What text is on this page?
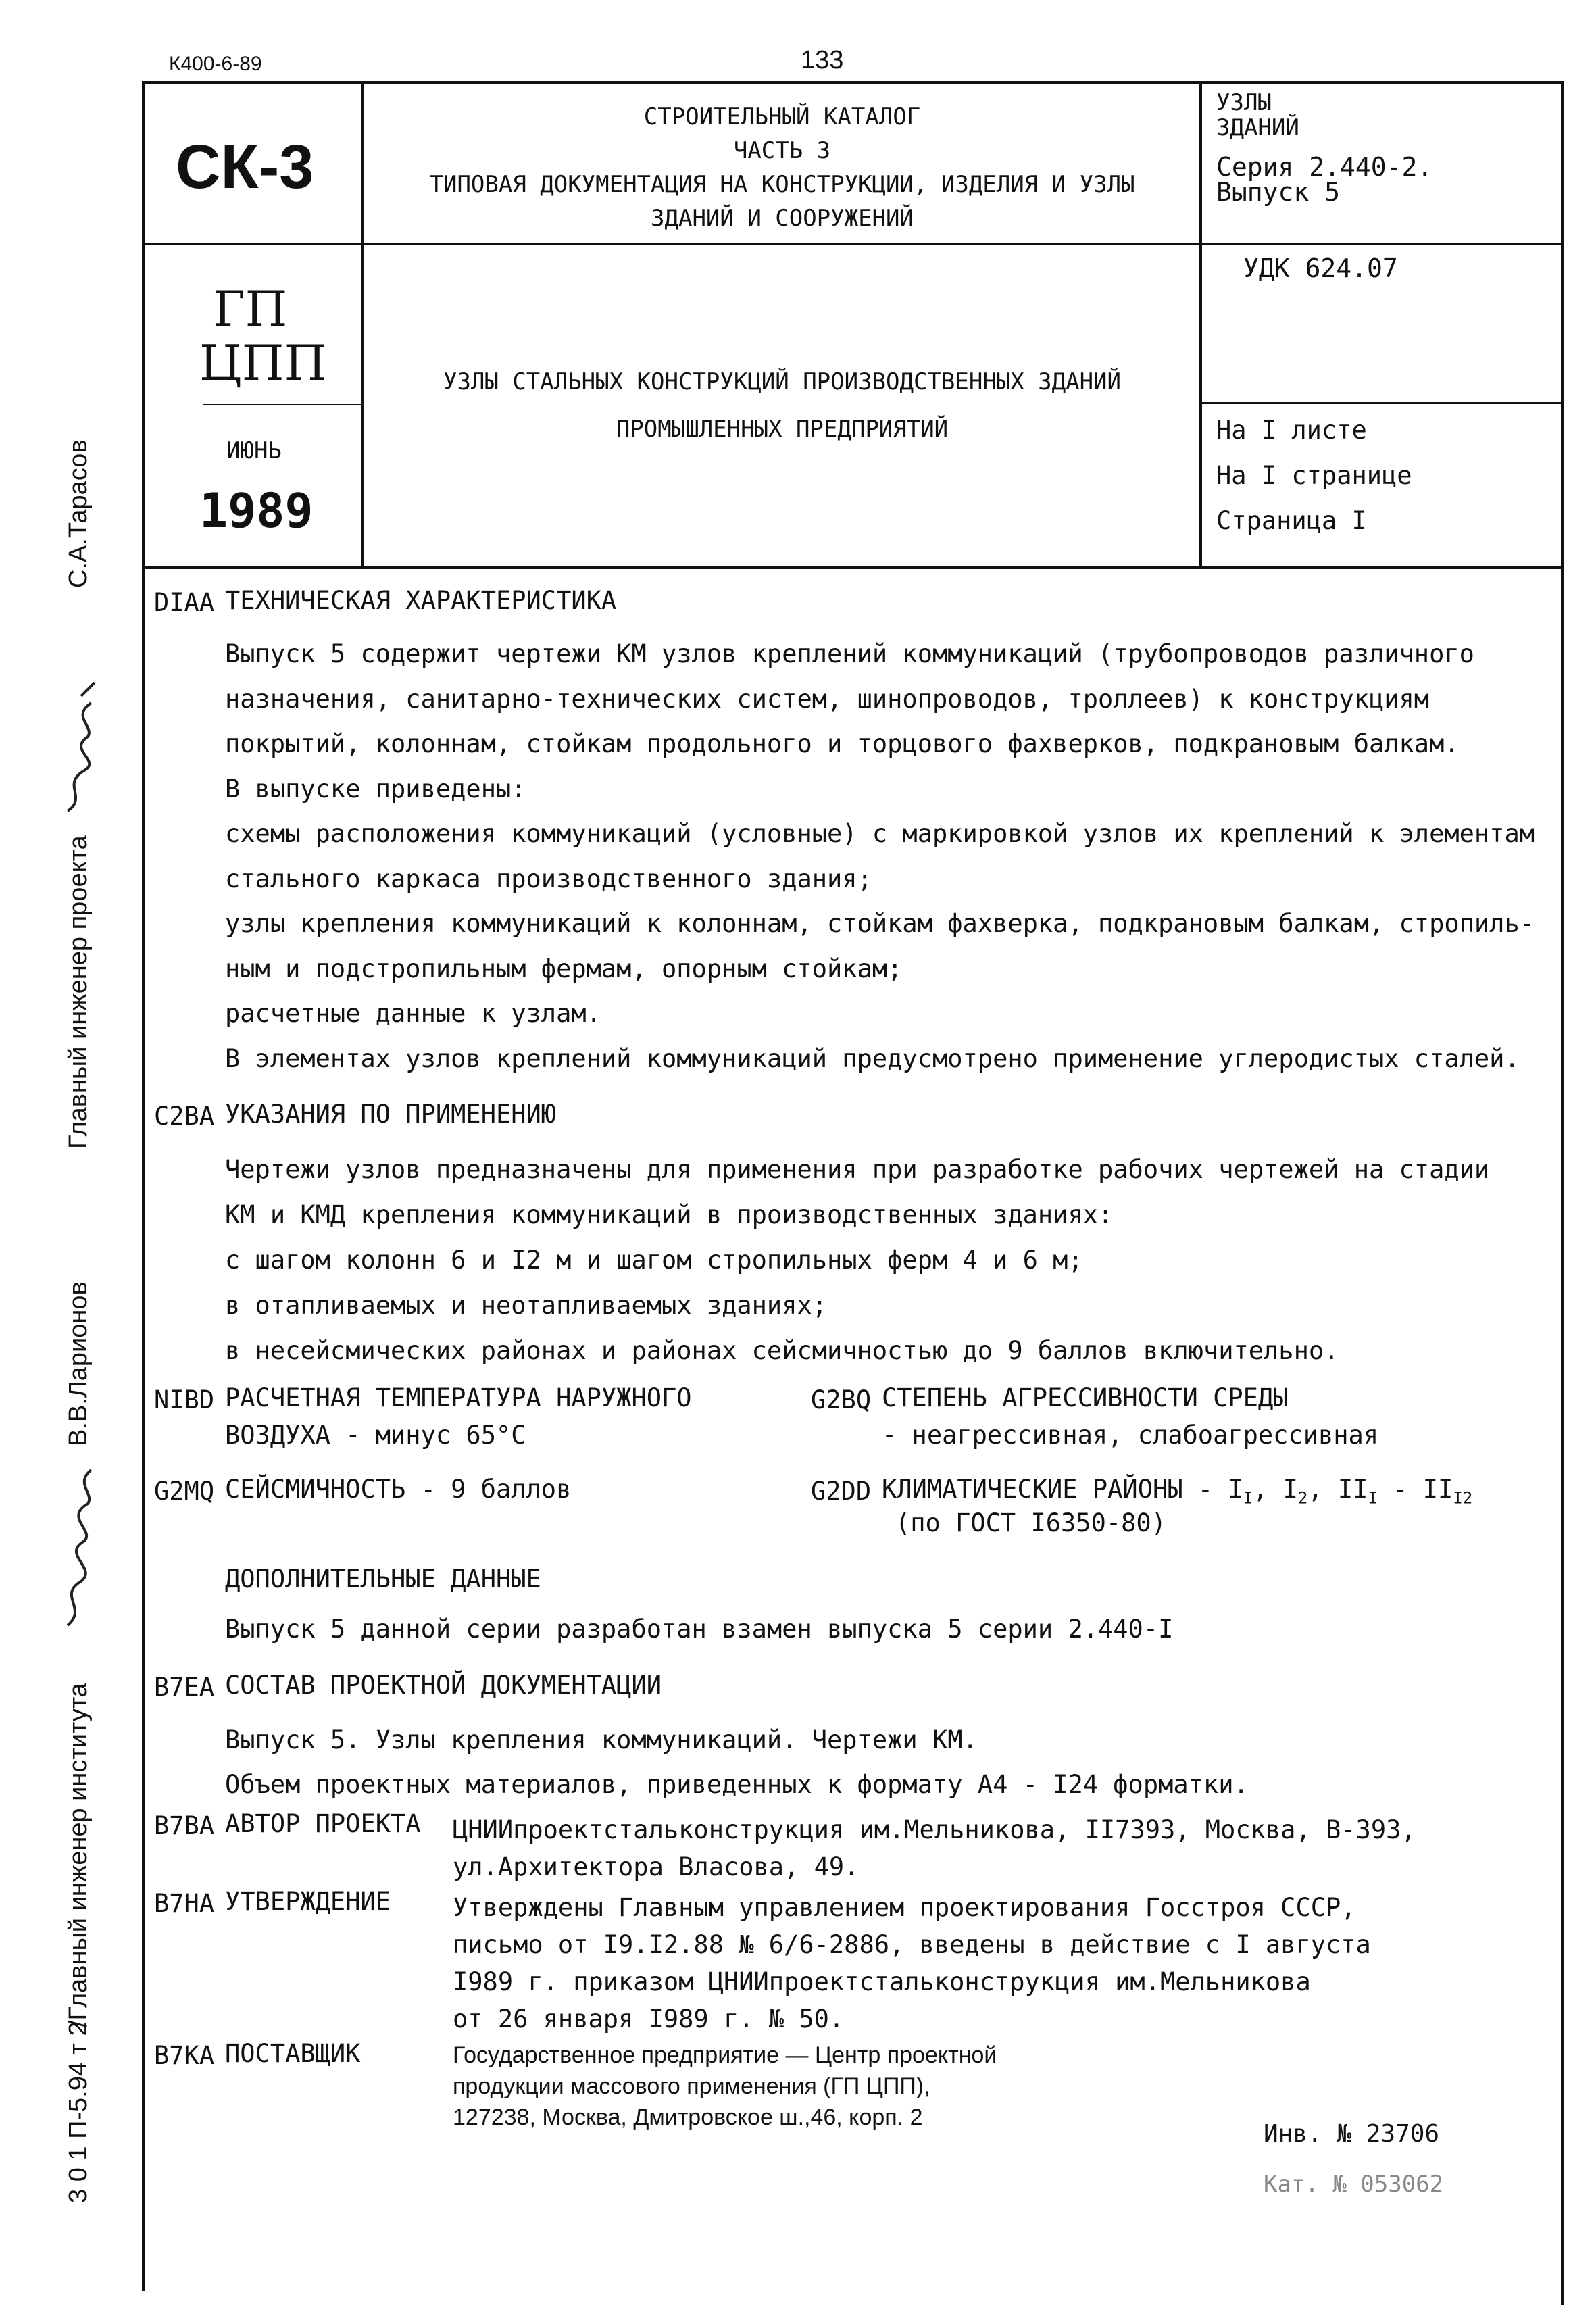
К400-6-89	133
СК-3
ГП
ЦПП
ИЮНЬ
1989
СТРОИТЕЛЬНЫЙ КАТАЛОГ
ЧАСТЬ 3
ТИПОВАЯ ДОКУМЕНТАЦИЯ НА КОНСТРУКЦИИ, ИЗДЕЛИЯ И УЗЛЫ
ЗДАНИЙ И СООРУЖЕНИЙ
УЗЛЫ СТАЛЬНЫХ КОНСТРУКЦИЙ ПРОИЗВОДСТВЕННЫХ ЗДАНИЙ
ПРОМЫШЛЕННЫХ ПРЕДПРИЯТИЙ
УЗЛЫ
ЗДАНИЙ
Серия 2.440-2.
Выпуск 5
УДК 624.07
На I листе
На I странице
Страница I
DIAA ТЕХНИЧЕСКАЯ ХАРАКТЕРИСТИКА
Выпуск 5 содержит чертежи КМ узлов креплений коммуникаций (трубопроводов различного
назначения, санитарно-технических систем, шинопроводов, троллеев) к конструкциям
покрытий, колоннам, стойкам продольного и торцового фахверков, подкрановым балкам.
В выпуске приведены:
схемы расположения коммуникаций (условные) с маркировкой узлов их креплений к элементам
стального каркаса производственного здания;
узлы крепления коммуникаций к колоннам, стойкам фахверка, подкрановым балкам, стропиль-
ным и подстропильным фермам, опорным стойкам;
расчетные данные к узлам.
В элементах узлов креплений коммуникаций предусмотрено применение углеродистых сталей.
C2BA УКАЗАНИЯ ПО ПРИМЕНЕНИЮ
Чертежи узлов предназначены для применения при разработке рабочих чертежей на стадии
КМ и КМД крепления коммуникаций в производственных зданиях:
с шагом колонн 6 и I2 м и шагом стропильных ферм 4 и 6 м;
в отапливаемых и неотапливаемых зданиях;
в несейсмических районах и районах сейсмичностью до 9 баллов включительно.
NIBD РАСЧЕТНАЯ ТЕМПЕРАТУРА НАРУЖНОГО
ВОЗДУХА - минус 65°С
G2BQ СТЕПЕНЬ АГРЕССИВНОСТИ СРЕДЫ
- неагрессивная, слабоагрессивная
G2MQ СЕЙСМИЧНОСТЬ - 9 баллов	G2DD КЛИМАТИЧЕСКИЕ РАЙОНЫ - $I_I$, $I_2$, $II_I - II_{I2}$
(по ГОСТ I6350-80)
ДОПОЛНИТЕЛЬНЫЕ ДАННЫЕ
Выпуск 5 данной серии разработан взамен выпуска 5 серии 2.440-I
B7EA СОСТАВ ПРОЕКТНОЙ ДОКУМЕНТАЦИИ
Выпуск 5. Узлы крепления коммуникаций. Чертежи КМ.
Объем проектных материалов, приведенных к формату А4 - I24 форматки.
B7BA АВТОР ПРОЕКТА ЦНИИпроектстальконструкция им.Мельникова, II7393, Москва, В-393,
ул.Архитектора Власова, 49.
B7HA УТВЕРЖДЕНИЕ Утверждены Главным управлением проектирования Госстроя СССР,
письмо от I9.I2.88 № 6/6-2886, введены в действие с I августа
I989 г. приказом ЦНИИпроектстальконструкция им.Мельникова
от 26 января I989 г. № 50.
B7KA ПОСТАВЩИК	Государственное предприятие — Центр проектной
продукции массового применения (ГП ЦПП),
127238, Москва, Дмитровское ш.,46, корп. 2
Инв. № 23706
Кат. № 053062
С.А.Тарасов
Главный инженер проекта
В.В.Ларионов
/Главный инженер института
3 0 1 П-5.94 т 2
